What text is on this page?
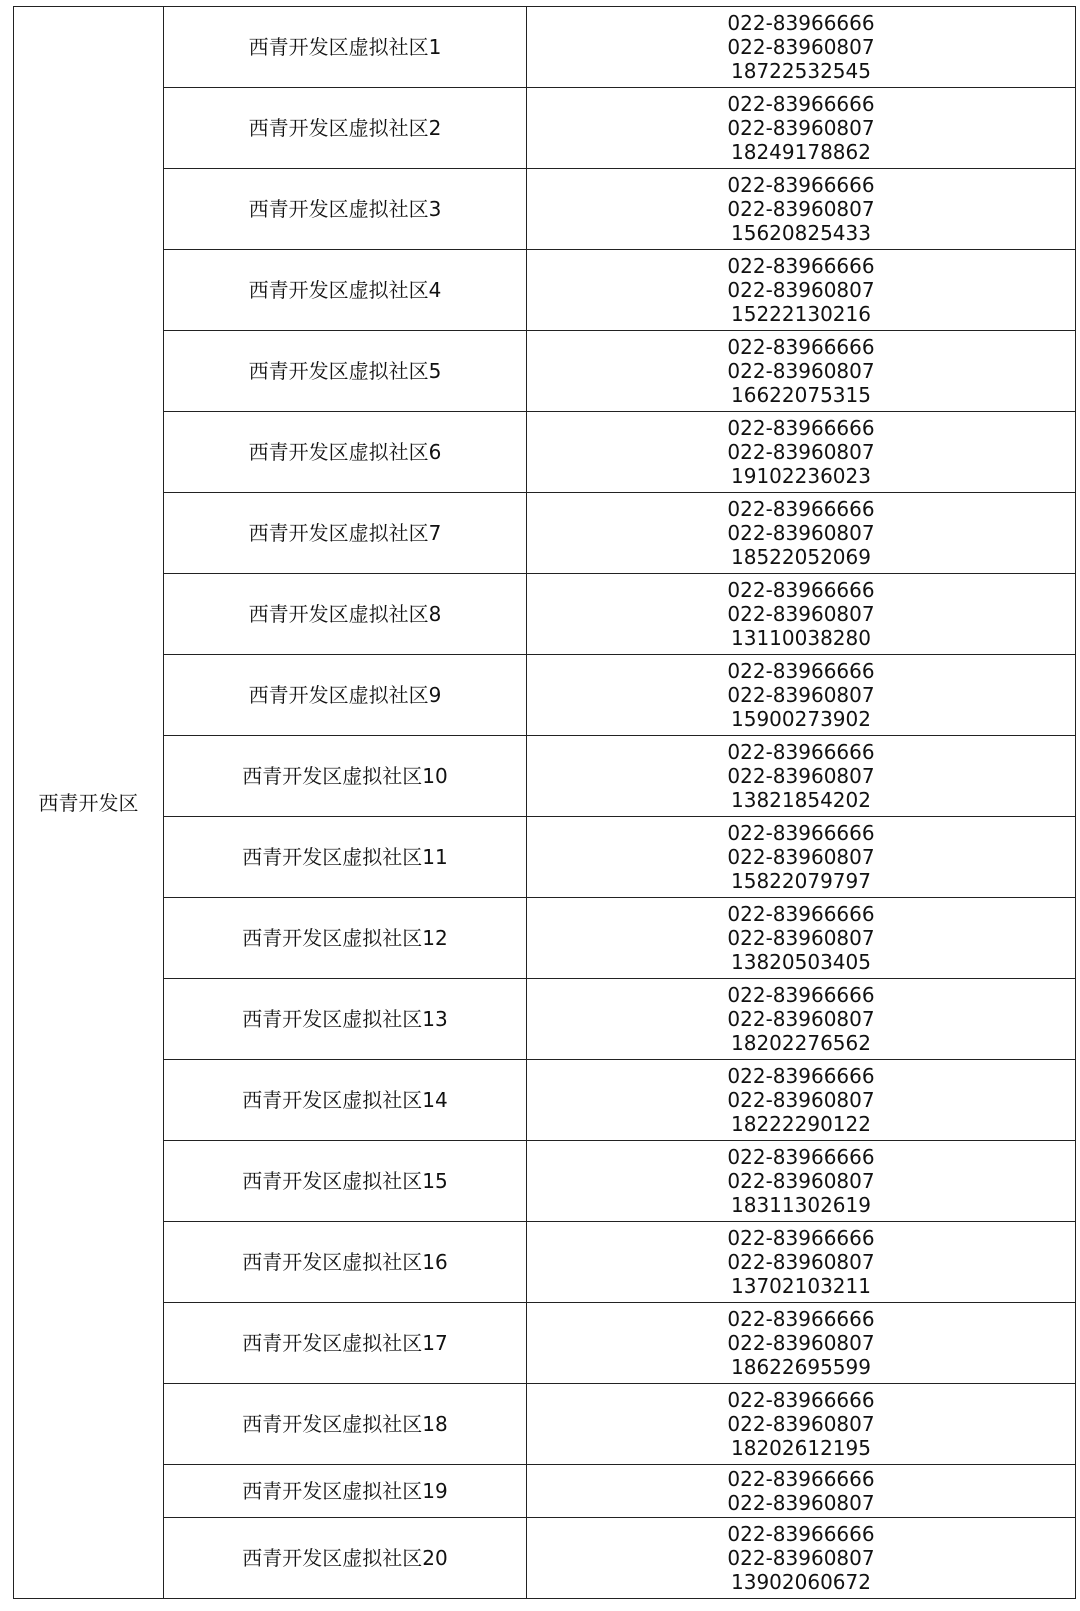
西青开发区	西青开发区虚拟社区1	022-83966666
022-83960807
18722532545

	西青开发区虚拟社区2	022-83966666
022-83960807
18249178862

	西青开发区虚拟社区3	022-83966666
022-83960807
15620825433

	西青开发区虚拟社区4	022-83966666
022-83960807
15222130216

	西青开发区虚拟社区5	022-83966666
022-83960807
16622075315

	西青开发区虚拟社区6	022-83966666
022-83960807
19102236023

	西青开发区虚拟社区7	022-83966666
022-83960807
18522052069

	西青开发区虚拟社区8	022-83966666
022-83960807
13110038280

	西青开发区虚拟社区9	022-83966666
022-83960807
15900273902

	西青开发区虚拟社区10	022-83966666
022-83960807
13821854202

	西青开发区虚拟社区11	022-83966666
022-83960807
15822079797

	西青开发区虚拟社区12	022-83966666
022-83960807
13820503405

	西青开发区虚拟社区13	022-83966666
022-83960807
18202276562

	西青开发区虚拟社区14	022-83966666
022-83960807
18222290122

	西青开发区虚拟社区15	022-83966666
022-83960807
18311302619

	西青开发区虚拟社区16	022-83966666
022-83960807
13702103211

	西青开发区虚拟社区17	022-83966666
022-83960807
18622695599

	西青开发区虚拟社区18	022-83966666
022-83960807
18202612195

	西青开发区虚拟社区19	022-83966666
022-83960807

	西青开发区虚拟社区20	022-83966666
022-83960807
13902060672
